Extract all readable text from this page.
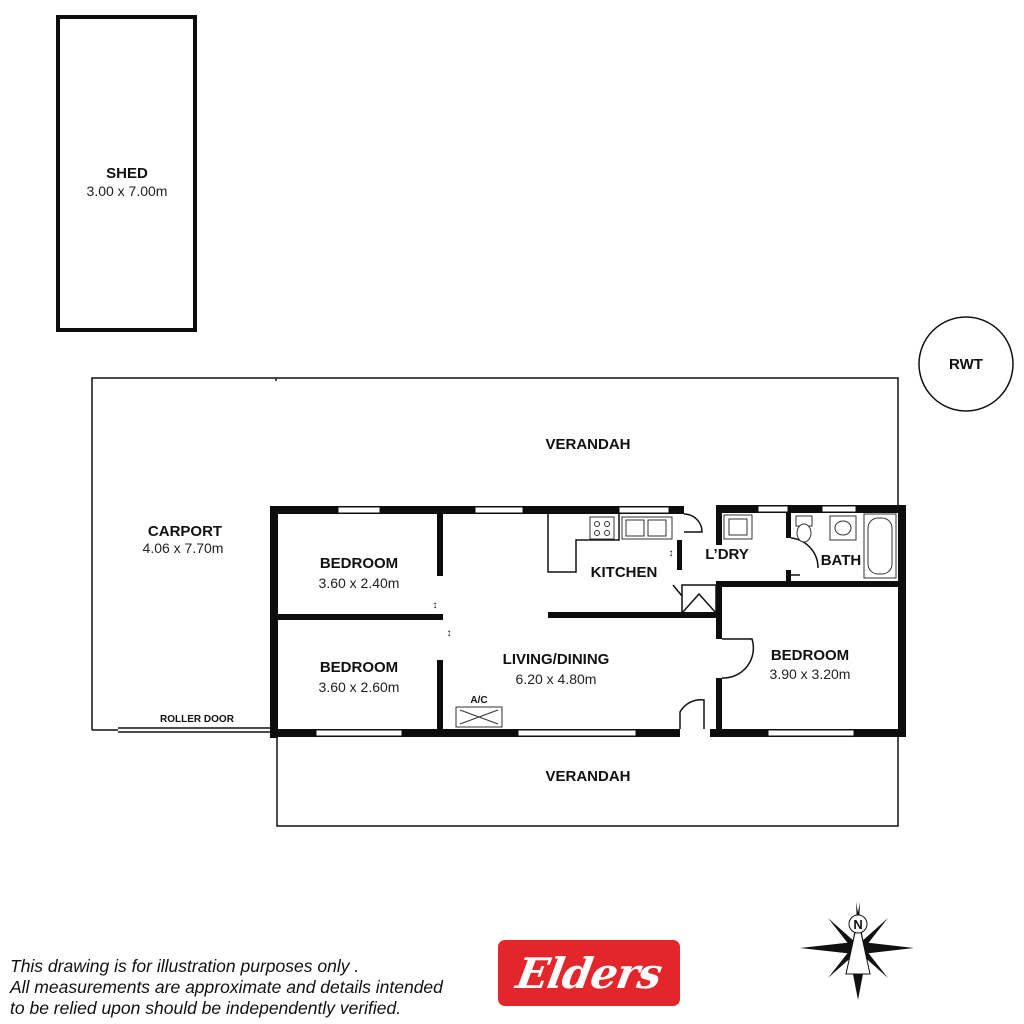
SHED
3.00 x 7.00m
RWT
↕
↕
↕
A/C
VERANDAH
CARPORT
4.06 x 7.70m
ROLLER DOOR
BEDROOM
3.60 x 2.40m
BEDROOM
3.60 x 2.60m
KITCHEN
L’DRY	BATH
LIVING/DINING
6.20 x 4.80m
BEDROOM
3.90 x 3.20m
VERANDAH
N
This drawing is for illustration purposes only .
All measurements are approximate and details intended
to be relied upon should be independently verified.
Elders
